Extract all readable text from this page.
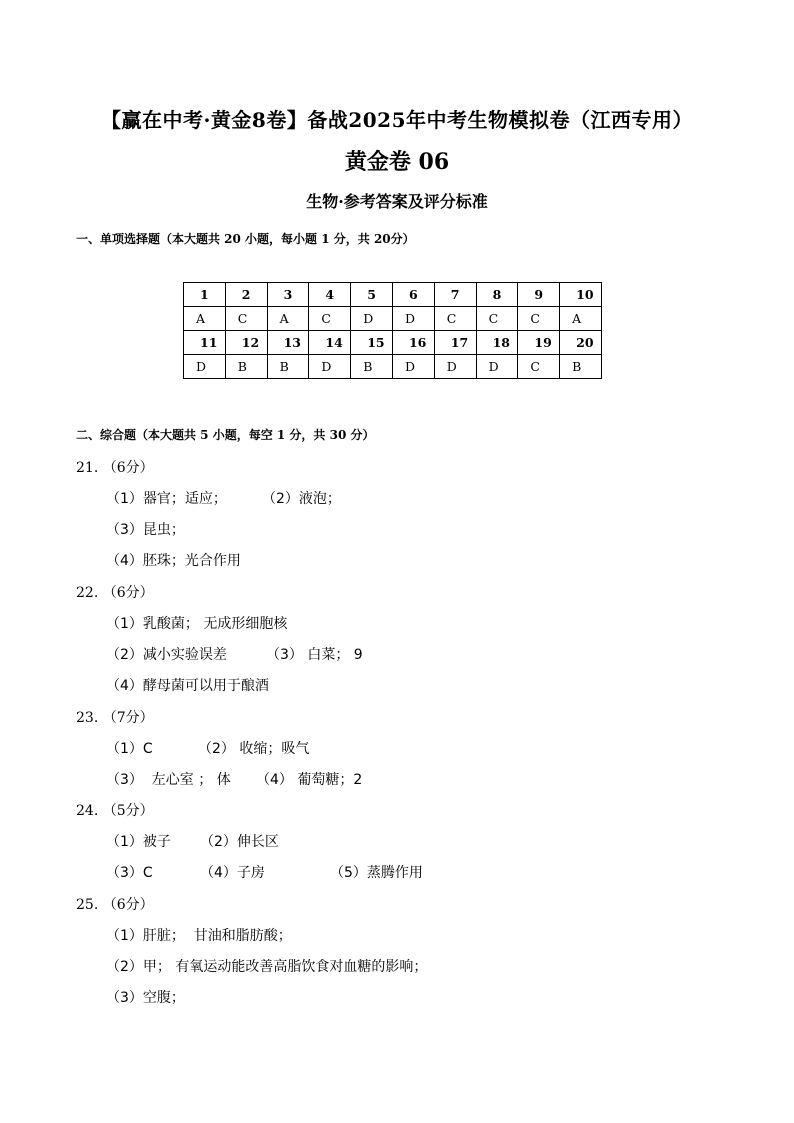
【赢在中考·黄金8卷】备战2025年中考生物模拟卷（江西专用）
黄金卷 06
生物·参考答案及评分标准
一、单项选择题（本大题共 20 小题，每小题 1 分，共 20分）
1	2	3	4	5	6	7	8	9	10
A	C	A	C	D	D	C	C	C	A
11	12	13	14	15	16	17	18	19	20
D	B	B	D	B	D	D	D	C	B
二、综合题（本大题共 5 小题，每空 1 分，共 30 分）
21. （6分）
（1）器官；适应；	（2）液泡；
（3）昆虫；
（4）胚珠；光合作用
22. （6分）
（1）乳酸菌； 无成形细胞核
（2）减小实验误差	（3） 白菜； 9
（4）酵母菌可以用于酿酒
23. （7分）
（1）C	（2） 收缩；吸气
（3）  左心室 ； 体 （4） 葡萄糖；2
24. （5分）
（1）被子 （2）伸长区
（3）C	（4）子房	（5）蒸腾作用
25. （6分）
（1）肝脏；  甘油和脂肪酸；
（2）甲； 有氧运动能改善高脂饮食对血糖的影响；
（3）空腹；
